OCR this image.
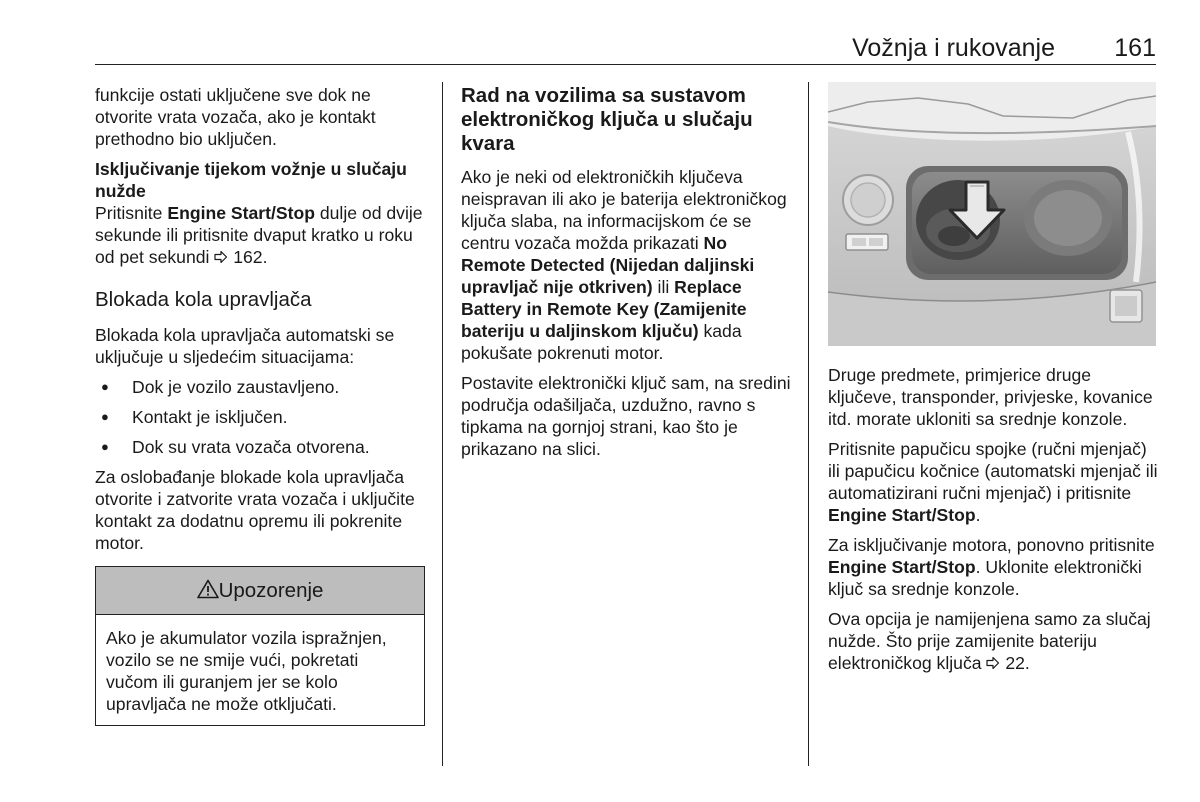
Vožnja i rukovanje 161

funkcije ostati uključene sve dok ne otvorite vrata vozača, ako je kontakt prethodno bio uključen.

Isključivanje tijekom vožnje u slučaju nužde

Pritisnite Engine Start/Stop dulje od dvije sekunde ili pritisnite dvaput kratko u roku od pet sekundi  162.

Blokada kola upravljača

Blokada kola upravljača automatski se uključuje u sljedećim situacijama:

● Dok je vozilo zaustavljeno.
● Kontakt je isključen.
● Dok su vrata vozača otvorena.

Za oslobađanje blokade kola upravljača otvorite i zatvorite vrata vozača i uključite kontakt za dodatnu opremu ili pokrenite motor.

Upozorenje
Ako je akumulator vozila ispražnjen, vozilo se ne smije vući, pokretati vučom ili guranjem jer se kolo upravljača ne može otključati.
Rad na vozilima sa sustavom elektroničkog ključa u slučaju kvara

Ako je neki od elektroničkih ključeva neispravan ili ako je baterija elektroničkog ključa slaba, na informacijskom će se centru vozača možda prikazati No Remote Detected (Nijedan daljinski upravljač nije otkriven) ili Replace Battery in Remote Key (Zamijenite bateriju u daljinskom ključu) kada pokušate pokrenuti motor.

Postavite elektronički ključ sam, na sredini područja odašiljača, uzdužno, ravno s tipkama na gornjoj strani, kao što je prikazano na slici.

Druge predmete, primjerice druge ključeve, transponder, privjeske, kovanice itd. morate ukloniti sa srednje konzole.

Pritisnite papučicu spojke (ručni mjenjač) ili papučicu kočnice (automatski mjenjač ili automatizirani ručni mjenjač) i pritisnite Engine Start/Stop.

Za isključivanje motora, ponovno pritisnite Engine Start/Stop. Uklonite elektronički ključ sa srednje konzole.

Ova opcija je namijenjena samo za slučaj nužde. Što prije zamijenite bateriju elektroničkog ključa  22.
